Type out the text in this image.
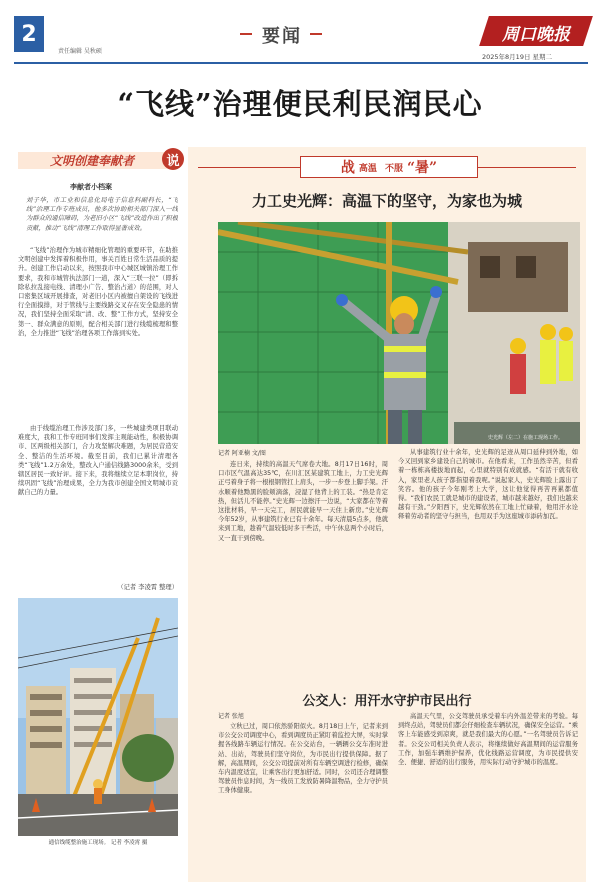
2
责任编辑 吴秋硕
要闻	周口晚报
2025年8月19日 星期二
“飞线”治理便民利民润民心
文明创建奉献者	说
李献者小档案
刘子华，市工业和信息化局电子信息科副科长，“飞线”治理工作专班成员，他多次协助相关部门深入一线为群众的通信障碍，为老旧小区“飞线”改造作出了积极贡献，推动“飞线”清理工作取得显著成效。
“飞线”治理作为城市精细化管理的重要环节，在助推文明创建中发挥着积极作用，事关百姓日常生活品质的提升。创建工作启动以来，按照我市中心城区城镇治理工作要求，我和市城管执法部门一道，深入“三联一拉”（即拆除私拉乱接电线、清理小广告、整治占道）的范围，对人口密集区域开展排查，对老旧小区内被擅自架设的飞线进行全面摸排，对于管线与主要线路交叉存在安全隐患的情况，我们坚持全面采取“清、改、整”工作方式，坚持安全第一、群众满意的原则，配合相关部门进行线缆梳理和整治，全力推进“飞线”治理各项工作落到实处。
由于线缆治理工作涉及部门多，一些城建类项目联动难度大，我和工作专班同事们发挥主观能动性，积极协调市、区两级相关部门，合力攻坚解决难题，为居民营造安全、整洁的生活环境。截至目前，我们已累计清理各类“飞线”1.2万余处，整改入户通信线路3000余米，受到辖区居民一致好评。接下来，我将继续立足本职岗位，持续巩固“飞线”治理成果，全力为我市创建全国文明城市贡献自己的力量。
（记者 李凌霄 整理）
通信线缆整治施工现场。 记者 李凌霄 摄
战 高温 不服 “暑”
力工史光辉：高温下的坚守，为家也为城
史光辉（左二）在施工现场工作。
记者 阿亚楠 文/图
连日来，持续的高温天气席卷大地。8月17日16时，周口市区气温高达35℃，在川汇区某建筑工地上，力工史光辉正弓着身子将一根根钢管扛上肩头，一步一步登上脚手架。汗水顺着他黝黑的脸颊滴落，浸湿了他背上的工装。“热是肯定热，但活儿不能停。”史光辉一边擦汗一边说，“大家都在等着这批材料，早一天完工，居民就能早一天住上新房。”史光辉今年52岁，从事建筑行业已有十余年。每天清晨5点多，他就来到工地，趁着气温较低时多干些活，中午休息两个小时后，又一直干到傍晚。
从事建筑行业十余年，史光辉的足迹从周口延伸到外地，如今又回到家乡建设自己的城市。在他看来，工作虽然辛苦，但看着一栋栋高楼拔地而起，心里就特别有成就感。“有活干就有收入，家里老人孩子都指望着我呢。”说起家人，史光辉脸上露出了笑容。他的孩子今年刚考上大学，这让他觉得再苦再累都值得。“我们农民工就是城市的建设者，城市越来越好，我们也越来越有干劲。”夕阳西下，史光辉依然在工地上忙碌着，他用汗水诠释着劳动者的坚守与担当，也用双手为这座城市添砖加瓦。
公交人：用汗水守护市民出行
记者 张旭
立秋已过，周口依然骄阳似火。8月18日上午，记者来到市公交公司调度中心，看到调度员正紧盯着监控大屏，实时掌握各线路车辆运行情况。在公交站台，一辆辆公交车准时进站、出站，驾驶员们坚守岗位，为市民出行提供保障。据了解，高温期间，公交公司提前对所有车辆空调进行检修，确保车内温度适宜，让乘客出行更加舒适。同时，公司还合理调整驾驶员作息时间，为一线员工发放防暑降温物品，全力守护员工身体健康。
高温天气里，公交驾驶员承受着车内外温差带来的考验。每到终点站，驾驶员们都会仔细检查车辆状况，确保安全运营。“乘客上车能感受到凉爽，就是我们最大的心愿。”一名驾驶员告诉记者。公交公司相关负责人表示，将继续做好高温期间的运营服务工作，加强车辆维护保养，优化线路运营调度，为市民提供安全、便捷、舒适的出行服务，用实际行动守护城市的温度。
